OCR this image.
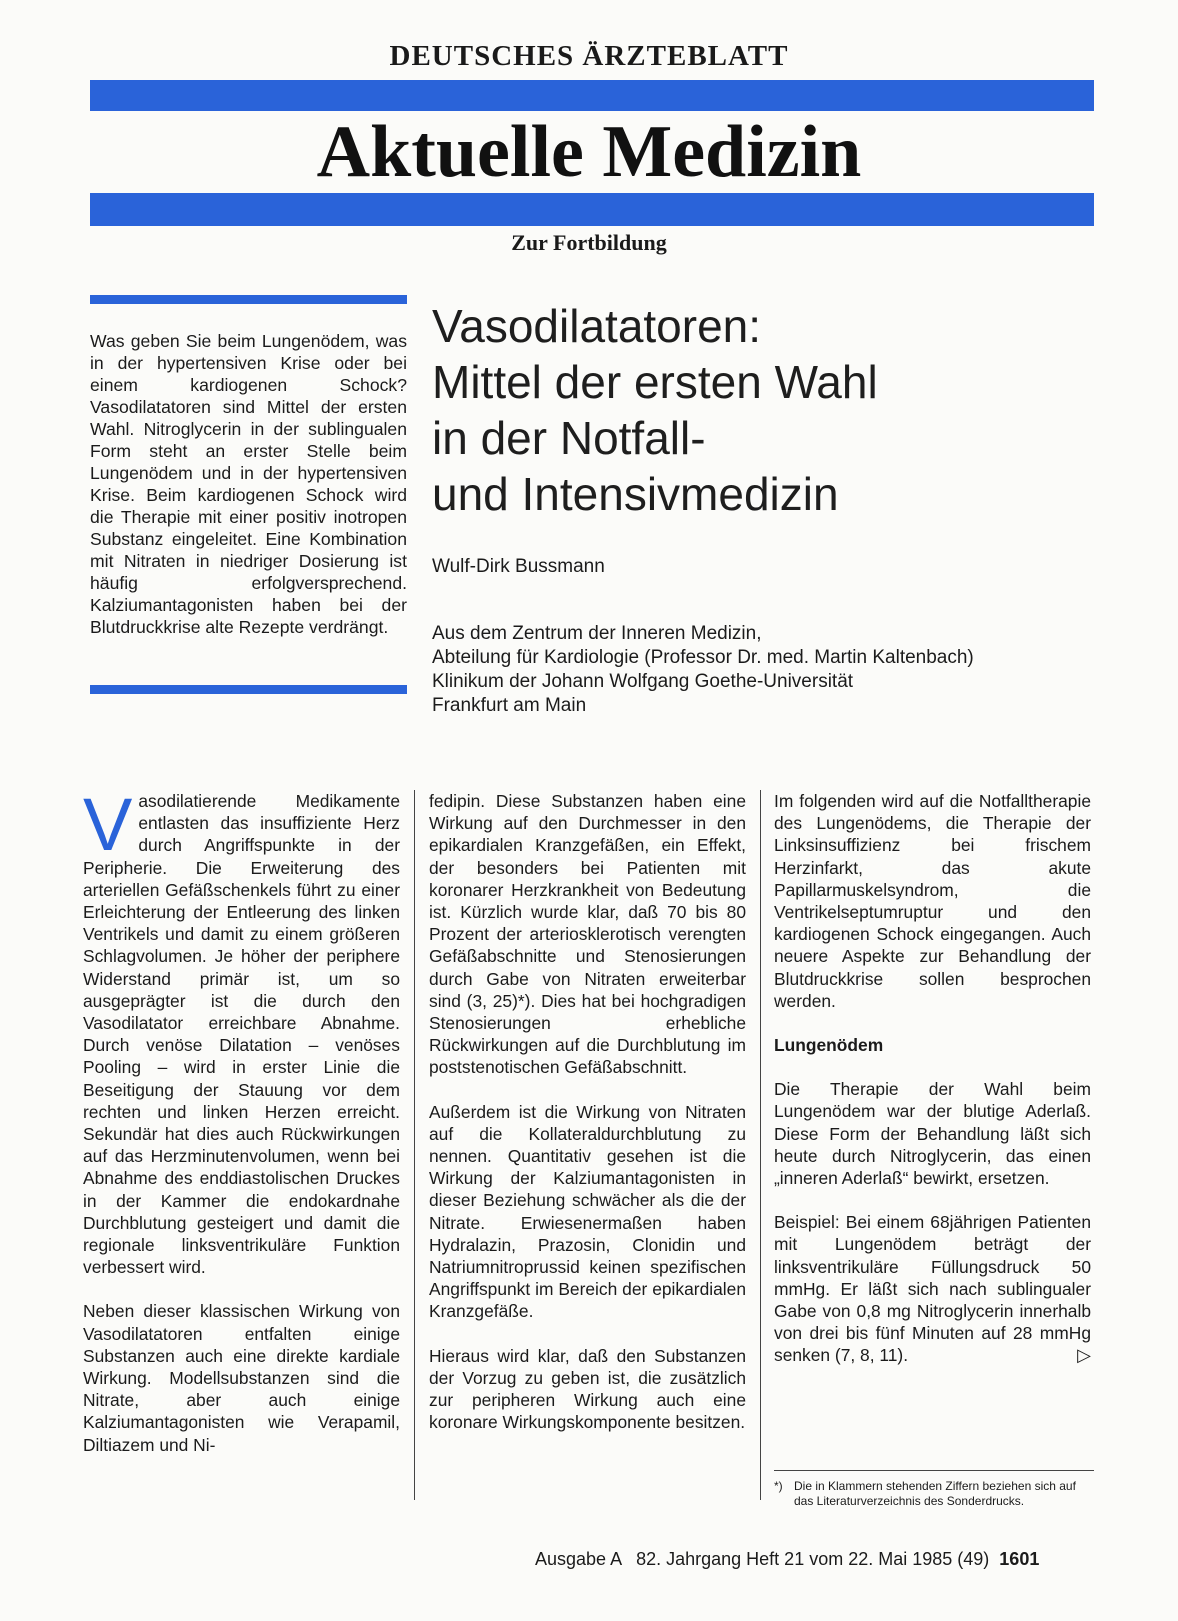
DEUTSCHES ÄRZTEBLATT
Aktuelle Medizin
Zur Fortbildung

Was geben Sie beim Lungenödem, was in der hypertensiven Krise oder bei einem kardiogenen Schock? Vasodilatatoren sind Mittel der ersten Wahl. Nitroglycerin in der sublingualen Form steht an erster Stelle beim Lungenödem und in der hypertensiven Krise. Beim kardiogenen Schock wird die Therapie mit einer positiv inotropen Substanz eingeleitet. Eine Kombination mit Nitraten in niedriger Dosierung ist häufig erfolgversprechend. Kalziumantagonisten haben bei der Blutdruckkrise alte Rezepte verdrängt.

Vasodilatatoren:
Mittel der ersten Wahl
in der Notfall-
und Intensivmedizin
Wulf-Dirk Bussmann
Aus dem Zentrum der Inneren Medizin,
Abteilung für Kardiologie (Professor Dr. med. Martin Kaltenbach)
Klinikum der Johann Wolfgang Goethe-Universität
Frankfurt am Main

Vasodilatierende Medikamente entlasten das insuffiziente Herz durch Angriffspunkte in der Peripherie. Die Erweiterung des arteriellen Gefäßschenkels führt zu einer Erleichterung der Entleerung des linken Ventrikels und damit zu einem größeren Schlagvolumen. Je höher der periphere Widerstand primär ist, um so ausgeprägter ist die durch den Vasodilatator erreichbare Abnahme. Durch venöse Dilatation – venöses Pooling – wird in erster Linie die Beseitigung der Stauung vor dem rechten und linken Herzen erreicht. Sekundär hat dies auch Rückwirkungen auf das Herzminutenvolumen, wenn bei Abnahme des enddiastolischen Druckes in der Kammer die endokardnahe Durchblutung gesteigert und damit die regionale linksventrikuläre Funktion verbessert wird.

Neben dieser klassischen Wirkung von Vasodilatatoren entfalten einige Substanzen auch eine direkte kardiale Wirkung. Modellsubstanzen sind die Nitrate, aber auch einige Kalziumantagonisten wie Verapamil, Diltiazem und Ni-

fedipin. Diese Substanzen haben eine Wirkung auf den Durchmesser in den epikardialen Kranzgefäßen, ein Effekt, der besonders bei Patienten mit koronarer Herzkrankheit von Bedeutung ist. Kürzlich wurde klar, daß 70 bis 80 Prozent der arteriosklerotisch verengten Gefäßabschnitte und Stenosierungen durch Gabe von Nitraten erweiterbar sind (3, 25)*). Dies hat bei hochgradigen Stenosierungen erhebliche Rückwirkungen auf die Durchblutung im poststenotischen Gefäßabschnitt.

Außerdem ist die Wirkung von Nitraten auf die Kollateraldurchblutung zu nennen. Quantitativ gesehen ist die Wirkung der Kalziumantagonisten in dieser Beziehung schwächer als die der Nitrate. Erwiesenermaßen haben Hydralazin, Prazosin, Clonidin und Natriumnitroprussid keinen spezifischen Angriffspunkt im Bereich der epikardialen Kranzgefäße.

Hieraus wird klar, daß den Substanzen der Vorzug zu geben ist, die zusätzlich zur peripheren Wirkung auch eine koronare Wirkungskomponente besitzen.

Im folgenden wird auf die Notfalltherapie des Lungenödems, die Therapie der Linksinsuffizienz bei frischem Herzinfarkt, das akute Papillarmuskelsyndrom, die Ventrikelseptumruptur und den kardiogenen Schock eingegangen. Auch neuere Aspekte zur Behandlung der Blutdruckkrise sollen besprochen werden.

Lungenödem

Die Therapie der Wahl beim Lungenödem war der blutige Aderlaß. Diese Form der Behandlung läßt sich heute durch Nitroglycerin, das einen „inneren Aderlaß“ bewirkt, ersetzen.

Beispiel: Bei einem 68jährigen Patienten mit Lungenödem beträgt der linksventrikuläre Füllungsdruck 50 mmHg. Er läßt sich nach sublingualer Gabe von 0,8 mg Nitroglycerin innerhalb von drei bis fünf Minuten auf 28 mmHg senken (7, 8, 11).	▷

*) Die in Klammern stehenden Ziffern beziehen sich auf das Literaturverzeichnis des Sonderdrucks.
Ausgabe A   82. Jahrgang Heft 21 vom 22. Mai 1985 (49) 1601
